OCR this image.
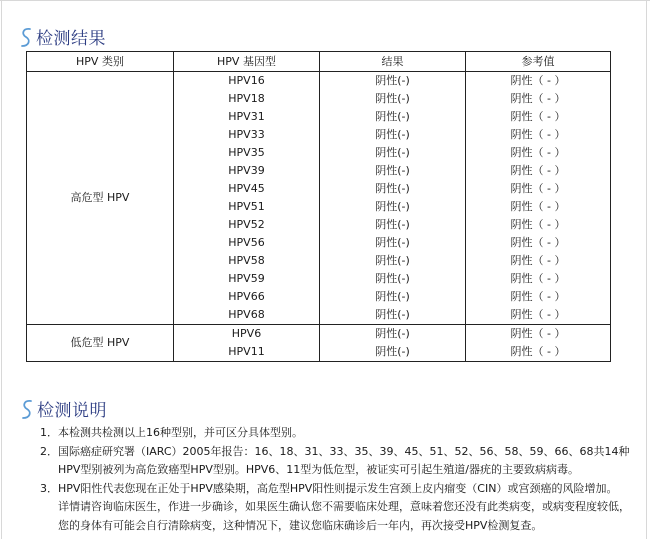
检测结果
HPV 类别	HPV 基因型	结果	参考值
高危型 HPV	HPV16	阴性(-)	阴性（ - ）
	HPV18	阴性(-)	阴性（ - ）
	HPV31	阴性(-)	阴性（ - ）
	HPV33	阴性(-)	阴性（ - ）
	HPV35	阴性(-)	阴性（ - ）
	HPV39	阴性(-)	阴性（ - ）
	HPV45	阴性(-)	阴性（ - ）
	HPV51	阴性(-)	阴性（ - ）
	HPV52	阴性(-)	阴性（ - ）
	HPV56	阴性(-)	阴性（ - ）
	HPV58	阴性(-)	阴性（ - ）
	HPV59	阴性(-)	阴性（ - ）
	HPV66	阴性(-)	阴性（ - ）
	HPV68	阴性(-)	阴性（ - ）
低危型 HPV	HPV6	阴性(-)	阴性（ - ）
	HPV11	阴性(-)	阴性（ - ）
检测说明
1．本检测共检测以上16种型别，并可区分具体型别。
2．国际癌症研究署（IARC）2005年报告：16、18、31、33、35、39、45、51、52、56、58、59、66、68共14种
HPV型别被列为高危致癌型HPV型别。HPV6、11型为低危型，被证实可引起生殖道/器疣的主要致病病毒。
3．HPV阳性代表您现在正处于HPV感染期，高危型HPV阳性则提示发生宫颈上皮内瘤变（CIN）或宫颈癌的风险增加。
详情请咨询临床医生，作进一步确诊，如果医生确认您不需要临床处理，意味着您还没有此类病变，或病变程度较低，
您的身体有可能会自行清除病变，这种情况下，建议您临床确诊后一年内，再次接受HPV检测复查。
